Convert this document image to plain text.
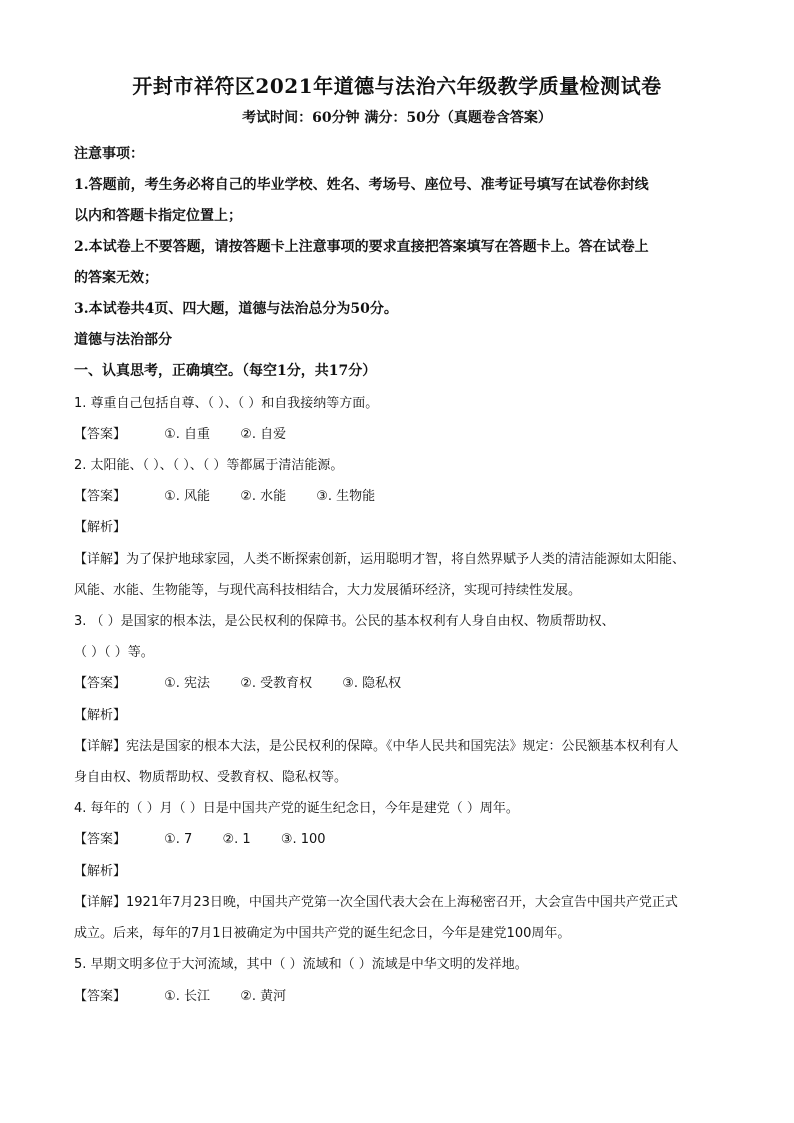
开封市祥符区2021年道德与法治六年级教学质量检测试卷
考试时间：60分钟 满分：50分（真题卷含答案）
注意事项：
1.答题前，考生务必将自己的毕业学校、姓名、考场号、座位号、准考证号填写在试卷你封线
以内和答题卡指定位置上；
2.本试卷上不要答题，请按答题卡上注意事项的要求直接把答案填写在答题卡上。答在试卷上
的答案无效；
3.本试卷共4页、四大题，道德与法治总分为50分。
道德与法治部分
一、认真思考，正确填空。（每空1分，共17分）
1. 尊重自己包括自尊、（ ）、（ ）和自我接纳等方面。
【答案】	①. 自重 ②. 自爱
2. 太阳能、（ ）、（ ）、（ ）等都属于清洁能源。
【答案】	①. 风能 ②. 水能 ③. 生物能
【解析】
【详解】为了保护地球家园，人类不断探索创新，运用聪明才智，将自然界赋予人类的清洁能源如太阳能、
风能、水能、生物能等，与现代高科技相结合，大力发展循环经济，实现可持续性发展。
3. （ ）是国家的根本法，是公民权利的保障书。公民的基本权利有人身自由权、物质帮助权、
（ ）（ ）等。
【答案】	①. 宪法 ②. 受教育权 ③. 隐私权
【解析】
【详解】宪法是国家的根本大法，是公民权利的保障。《中华人民共和国宪法》规定：公民额基本权利有人
身自由权、物质帮助权、受教育权、隐私权等。
4. 每年的（ ）月（ ）日是中国共产党的诞生纪念日，今年是建党（ ）周年。
【答案】	①. 7 ②. 1 ③. 100
【解析】
【详解】1921年7月23日晚，中国共产党第一次全国代表大会在上海秘密召开，大会宣告中国共产党正式
成立。后来，每年的7月1日被确定为中国共产党的诞生纪念日，今年是建党100周年。
5. 早期文明多位于大河流域，其中（ ）流域和（ ）流域是中华文明的发祥地。
【答案】	①. 长江 ②. 黄河
